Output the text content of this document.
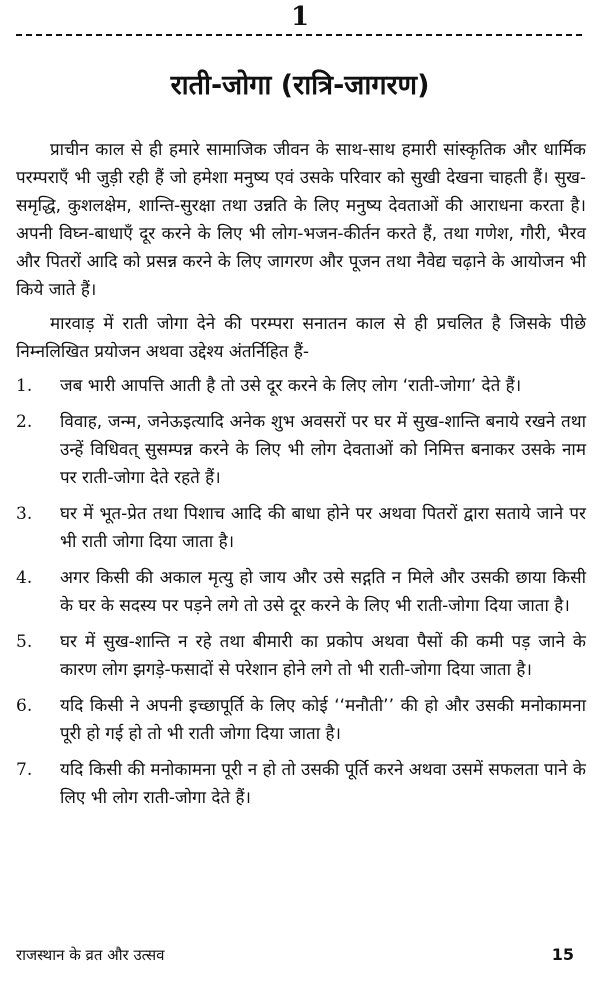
1
राती-जोगा (रात्रि-जागरण)

प्राचीन काल से ही हमारे सामाजिक जीवन के साथ-साथ हमारी सांस्कृतिक और धार्मिक परम्पराएँ भी जुड़ी रही हैं जो हमेशा मनुष्य एवं उसके परिवार को सुखी देखना चाहती हैं। सुख-समृद्धि, कुशलक्षेम, शान्ति-सुरक्षा तथा उन्नति के लिए मनुष्य देवताओं की आराधना करता है। अपनी विघ्न-बाधाएँ दूर करने के लिए भी लोग-भजन-कीर्तन करते हैं, तथा गणेश, गौरी, भैरव और पितरों आदि को प्रसन्न करने के लिए जागरण और पूजन तथा नैवेद्य चढ़ाने के आयोजन भी किये जाते हैं।

मारवाड़ में राती जोगा देने की परम्परा सनातन काल से ही प्रचलित है जिसके पीछे निम्नलिखित प्रयोजन अथवा उद्देश्य अंतर्निहित हैं-

1.	जब भारी आपत्ति आती है तो उसे दूर करने के लिए लोग ‘राती-जोगा’ देते हैं।
2.	विवाह, जन्म, जनेऊइत्यादि अनेक शुभ अवसरों पर घर में सुख-शान्ति बनाये रखने तथा उन्हें विधिवत् सुसम्पन्न करने के लिए भी लोग देवताओं को निमित्त बनाकर उसके नाम पर राती-जोगा देते रहते हैं।
3.	घर में भूत-प्रेत तथा पिशाच आदि की बाधा होने पर अथवा पितरों द्वारा सताये जाने पर भी राती जोगा दिया जाता है।
4.	अगर किसी की अकाल मृत्यु हो जाय और उसे सद्गति न मिले और उसकी छाया किसी के घर के सदस्य पर पड़ने लगे तो उसे दूर करने के लिए भी राती-जोगा दिया जाता है।
5.	घर में सुख-शान्ति न रहे तथा बीमारी का प्रकोप अथवा पैसों की कमी पड़ जाने के कारण लोग झगड़े-फसादों से परेशान होने लगे तो भी राती-जोगा दिया जाता है।
6.	यदि किसी ने अपनी इच्छापूर्ति के लिए कोई ‘‘मनौती’’ की हो और उसकी मनोकामना पूरी हो गई हो तो भी राती जोगा दिया जाता है।
7.	यदि किसी की मनोकामना पूरी न हो तो उसकी पूर्ति करने अथवा उसमें सफलता पाने के लिए भी लोग राती-जोगा देते हैं।
राजस्थान के व्रत और उत्सव	15
